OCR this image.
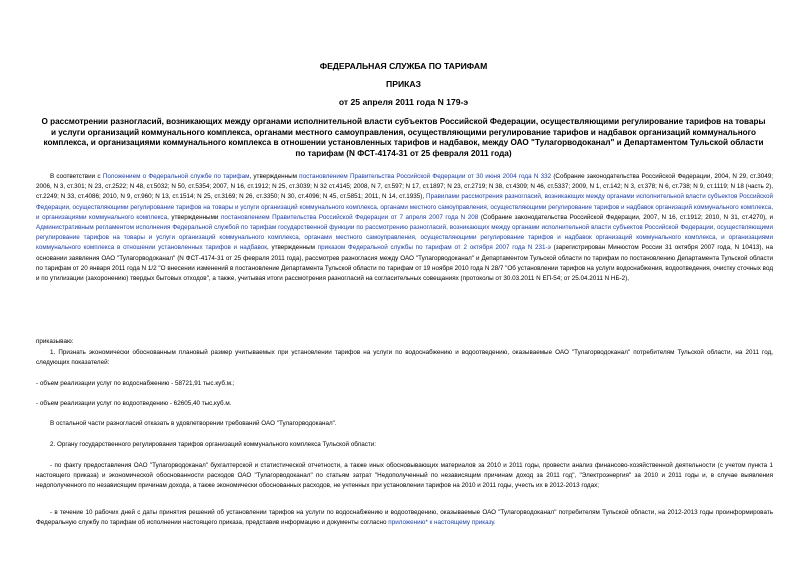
ФЕДЕРАЛЬНАЯ СЛУЖБА ПО ТАРИФАМ
ПРИКАЗ
от 25 апреля 2011 года N 179-э
О рассмотрении разногласий, возникающих между органами исполнительной власти субъектов Российской Федерации, осуществляющими регулирование тарифов на товары и услуги организаций коммунального комплекса, органами местного самоуправления, осуществляющими регулирование тарифов и надбавок организаций коммунального комплекса, и организациями коммунального комплекса в отношении установленных тарифов и надбавок, между ОАО "Тулагорводоканал" и Департаментом Тульской области по тарифам (N ФСТ-4174-31 от 25 февраля 2011 года)
В соответствии с Положением о Федеральной службе по тарифам, утвержденным постановлением Правительства Российской Федерации от 30 июня 2004 года N 332 (Собрание законодательства Российской Федерации, 2004, N 29, ст.3049; 2006, N 3, ст.301; N 23, ст.2522; N 48, ст.5032; N 50, ст.5354; 2007, N 16, ст.1912; N 25, ст.3039; N 32 ст.4145; 2008, N 7, ст.597; N 17, ст.1897; N 23, ст.2719; N 38, ст.4309; N 46, ст.5337; 2009, N 1, ст.142; N 3, ст.378; N 6, ст.738; N 9, ст.1119; N 18 (часть 2), ст.2249; N 33, ст.4086; 2010, N 9, ст.960; N 13, ст.1514; N 25, ст.3169; N 26, ст.3350; N 30, ст.4096; N 45, ст.5851; 2011, N 14, ст.1935), Правилами рассмотрения разногласий, возникающих между органами исполнительной власти субъектов Российской Федерации, осуществляющими регулирование тарифов на товары и услуги организаций коммунального комплекса, органами местного самоуправления, осуществляющими регулирование тарифов и надбавок организаций коммунального комплекса, и организациями коммунального комплекса, утвержденными постановлением Правительства Российской Федерации от 7 апреля 2007 года N 208 (Собрание законодательства Российской Федерации, 2007, N 16, ст.1912; 2010, N 31, ст.4270), и Административным регламентом исполнения Федеральной службой по тарифам государственной функции по рассмотрению разногласий, возникающих между органами исполнительной власти субъектов Российской Федерации, осуществляющими регулирование тарифов на товары и услуги организаций коммунального комплекса, органами местного самоуправления, осуществляющими регулирование тарифов и надбавок организаций коммунального комплекса, и организациями коммунального комплекса в отношении установленных тарифов и надбавок, утвержденным приказом Федеральной службы по тарифам от 2 октября 2007 года N 231-э (зарегистрирован Минюстом России 31 октября 2007 года, N 10413), на основании заявления ОАО "Тулагорводоканал" (N ФСТ-4174-31 от 25 февраля 2011 года), рассмотрев разногласия между ОАО "Тулагорводоканал" и Департаментом Тульской области по тарифам по постановлению Департамента Тульской области по тарифам от 20 января 2011 года N 1/2 "О внесении изменений в постановление Департамента Тульской области по тарифам от 19 ноября 2010 года N 28/7 "Об установлении тарифов на услуги водоснабжения, водоотведения, очистку сточных вод и по утилизации (захоронению) твердых бытовых отходов", а также, учитывая итоги рассмотрения разногласий на согласительных совещаниях (протоколы от 30.03.2011 N ЕП-54; от 25.04.2011 N НБ-2),
приказываю:
1. Признать экономически обоснованным плановый размер учитываемых при установлении тарифов на услуги по водоснабжению и водоотведению, оказываемые ОАО "Тулагорводоканал" потребителям Тульской области, на 2011 год, следующих показателей:
- объем реализации услуг по водоснабжению - 58721,91 тыс.куб.м.;
- объем реализации услуг по водоотведению - 62605,40 тыс.куб.м.
В остальной части разногласий отказать в удовлетворении требований ОАО "Тулагорводоканал".
2. Органу государственного регулирования тарифов организаций коммунального комплекса Тульской области:
- по факту предоставления ОАО "Тулагорводоканал" бухгалтерской и статистической отчетности, а также иных обосновывающих материалов за 2010 и 2011 годы, провести анализ финансово-хозяйственной деятельности (с учетом пункта 1 настоящего приказа) и экономической обоснованности расходов ОАО "Тулагорводоканал" по статьям затрат "Недополученный по независящим причинам доход за 2011 год", "Электроэнергия" за 2010 и 2011 годы и, в случае выявления недополученного по независящим причинам дохода, а также экономически обоснованных расходов, не учтенных при установлении тарифов на 2010 и 2011 годы, учесть их в 2012-2013 годах;
- в течение 10 рабочих дней с даты принятия решений об установлении тарифов на услуги по водоснабжению и водоотведению, оказываемые ОАО "Тулагорводоканал" потребителям Тульской области, на 2012-2013 годы проинформировать Федеральную службу по тарифам об исполнении настоящего приказа, представив информацию и документы согласно приложению* к настоящему приказу.
